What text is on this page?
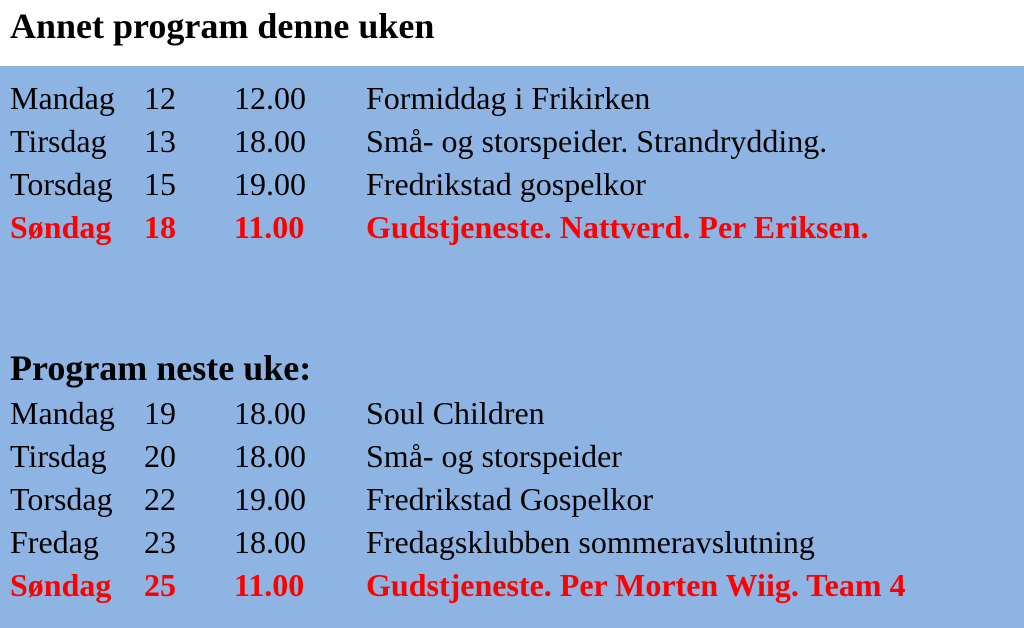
Annet program denne uken
Mandag 12 12.00 Formiddag i Frikirken
Tirsdag 13 18.00 Små- og storspeider. Strandrydding.
Torsdag 15 19.00 Fredrikstad gospelkor
Søndag 18 11.00 Gudstjeneste. Nattverd. Per Eriksen.
Program neste uke:
Mandag 19 18.00 Soul Children
Tirsdag 20 18.00 Små- og storspeider
Torsdag 22 19.00 Fredrikstad Gospelkor
Fredag 23 18.00 Fredagsklubben sommeravslutning
Søndag 25 11.00 Gudstjeneste. Per Morten Wiig. Team 4
